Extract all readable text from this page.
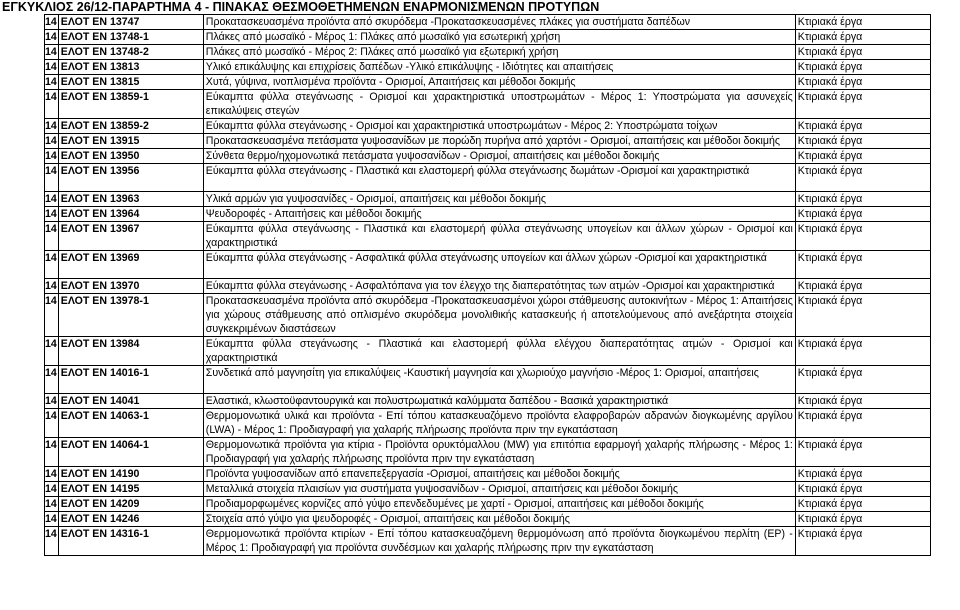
ΕΓΚΥΚΛΙΟΣ 26/12-ΠΑΡΑΡΤΗΜΑ 4 - ΠΙΝΑΚΑΣ ΘΕΣΜΟΘΕΤΗΜΕΝΩΝ ΕΝΑΡΜΟΝΙΣΜΕΝΩΝ ΠΡΟΤΥΠΩΝ
14	ΕΛΟΤ ΕΝ 13747	Προκατασκευασμένα προϊόντα από σκυρόδεμα -Προκατασκευασμένες πλάκες για συστήματα δαπέδων	Κτιριακά έργα
14	ΕΛΟΤ ΕΝ 13748-1	Πλάκες από μωσαϊκό - Μέρος 1: Πλάκες από μωσαϊκό για εσωτερική χρήση	Κτιριακά έργα
14	ΕΛΟΤ ΕΝ 13748-2	Πλάκες από μωσαϊκό - Μέρος 2: Πλάκες από μωσαϊκό για εξωτερική χρήση	Κτιριακά έργα
14	ΕΛΟΤ ΕΝ 13813	Υλικό επικάλυψης και επιχρίσεις δαπέδων -Υλικό επικάλυψης - Ιδιότητες και απαιτήσεις	Κτιριακά έργα
14	ΕΛΟΤ ΕΝ 13815	Χυτά, γύψινα, ινοπλισμένα προϊόντα - Ορισμοί, Απαιτήσεις και μέθοδοι δοκιμής	Κτιριακά έργα
14	ΕΛΟΤ ΕΝ 13859-1	Εύκαμπτα φύλλα στεγάνωσης - Ορισμοί και χαρακτηριστικά υποστρωμάτων - Μέρος 1: Υποστρώματα για ασυνεχείς επικαλύψεις στεγών	Κτιριακά έργα
14	ΕΛΟΤ ΕΝ 13859-2	Εύκαμπτα φύλλα στεγάνωσης - Ορισμοί και χαρακτηριστικά υποστρωμάτων - Μέρος 2: Υποστρώματα τοίχων	Κτιριακά έργα
14	ΕΛΟΤ ΕΝ 13915	Προκατασκευασμένα πετάσματα γυψοσανίδων με πορώδη πυρήνα από χαρτόνι - Ορισμοί, απαιτήσεις και μέθοδοι δοκιμής	Κτιριακά έργα
14	ΕΛΟΤ ΕΝ 13950	Σύνθετα θερμο/ηχομονωτικά πετάσματα γυψοσανίδων - Ορισμοί, απαιτήσεις και μέθοδοι δοκιμής	Κτιριακά έργα
14	ΕΛΟΤ ΕΝ 13956	Εύκαμπτα φύλλα στεγάνωσης - Πλαστικά και ελαστομερή φύλλα στεγάνωσης δωμάτων -Ορισμοί και χαρακτηριστικά	Κτιριακά έργα
14	ΕΛΟΤ ΕΝ 13963	Υλικά αρμών για γυψοσανίδες - Ορισμοί, απαιτήσεις και μέθοδοι δοκιμής	Κτιριακά έργα
14	ΕΛΟΤ ΕΝ 13964	Ψευδοροφές - Απαιτήσεις και μέθοδοι δοκιμής	Κτιριακά έργα
14	ΕΛΟΤ ΕΝ 13967	Εύκαμπτα φύλλα στεγάνωσης - Πλαστικά και ελαστομερή φύλλα στεγάνωσης υπογείων και άλλων χώρων - Ορισμοί και χαρακτηριστικά	Κτιριακά έργα
14	ΕΛΟΤ ΕΝ 13969	Εύκαμπτα φύλλα στεγάνωσης - Ασφαλτικά φύλλα στεγάνωσης υπογείων και άλλων χώρων -Ορισμοί και χαρακτηριστικά	Κτιριακά έργα
14	ΕΛΟΤ ΕΝ 13970	Εύκαμπτα φύλλα στεγάνωσης - Ασφαλτόπανα για τον έλεγχο της διαπερατότητας των ατμών -Ορισμοί και χαρακτηριστικά	Κτιριακά έργα
14	ΕΛΟΤ ΕΝ 13978-1	Προκατασκευασμένα προϊόντα από σκυρόδεμα -Προκατασκευασμένοι χώροι στάθμευσης αυτοκινήτων - Μέρος 1: Απαιτήσεις για χώρους στάθμευσης από οπλισμένο σκυρόδεμα μονολιθικής κατασκευής ή αποτελούμενους από ανεξάρτητα στοιχεία συγκεκριμένων διαστάσεων	Κτιριακά έργα
14	ΕΛΟΤ ΕΝ 13984	Εύκαμπτα φύλλα στεγάνωσης - Πλαστικά και ελαστομερή φύλλα ελέγχου διαπερατότητας ατμών - Ορισμοί και χαρακτηριστικά	Κτιριακά έργα
14	ΕΛΟΤ ΕΝ 14016-1	Συνδετικά από μαγνησίτη για επικαλύψεις -Καυστική μαγνησία και χλωριούχο μαγνήσιο -Μέρος 1: Ορισμοί, απαιτήσεις	Κτιριακά έργα
14	ΕΛΟΤ ΕΝ 14041	Ελαστικά, κλωστοϋφαντουργικά και πολυστρωματικά καλύμματα δαπέδου - Βασικά χαρακτηριστικά	Κτιριακά έργα
14	ΕΛΟΤ ΕΝ 14063-1	Θερμομονωτικά υλικά και προϊόντα - Επί τόπου κατασκευαζόμενο προϊόντα ελαφροβαρών αδρανών διογκωμένης αργίλου (LWA) - Μέρος 1: Προδιαγραφή για χαλαρής πλήρωσης προϊόντα πριν την εγκατάσταση	Κτιριακά έργα
14	ΕΛΟΤ ΕΝ 14064-1	Θερμομονωτικά προϊόντα για κτίρια - Προϊόντα ορυκτόμαλλου (MW) για επιτόπια εφαρμογή χαλαρής πλήρωσης - Μέρος 1: Προδιαγραφή για χαλαρής πλήρωσης προϊόντα πριν την εγκατάσταση	Κτιριακά έργα
14	ΕΛΟΤ ΕΝ 14190	Προϊόντα γυψοσανίδων από επανεπεξεργασία -Ορισμοί, απαιτήσεις και μέθοδοι δοκιμής	Κτιριακά έργα
14	ΕΛΟΤ ΕΝ 14195	Μεταλλικά στοιχεία πλαισίων για συστήματα γυψοσανίδων - Ορισμοί, απαιτήσεις και μέθοδοι δοκιμής	Κτιριακά έργα
14	ΕΛΟΤ ΕΝ 14209	Προδιαμορφωμένες κορνίζες από γύψο επενδεδυμένες με χαρτί - Ορισμοί, απαιτήσεις και μέθοδοι δοκιμής	Κτιριακά έργα
14	ΕΛΟΤ ΕΝ 14246	Στοιχεία από γύψο για ψευδοροφές - Ορισμοί, απαιτήσεις και μέθοδοι δοκιμής	Κτιριακά έργα
14	ΕΛΟΤ ΕΝ 14316-1	Θερμομονωτικά προϊόντα κτιρίων - Επί τόπου κατασκευαζόμενη θερμομόνωση από προϊόντα διογκωμένου περλίτη (EP) - Μέρος 1: Προδιαγραφή για προϊόντα συνδέσμων και χαλαρής πλήρωσης πριν την εγκατάσταση	Κτιριακά έργα
